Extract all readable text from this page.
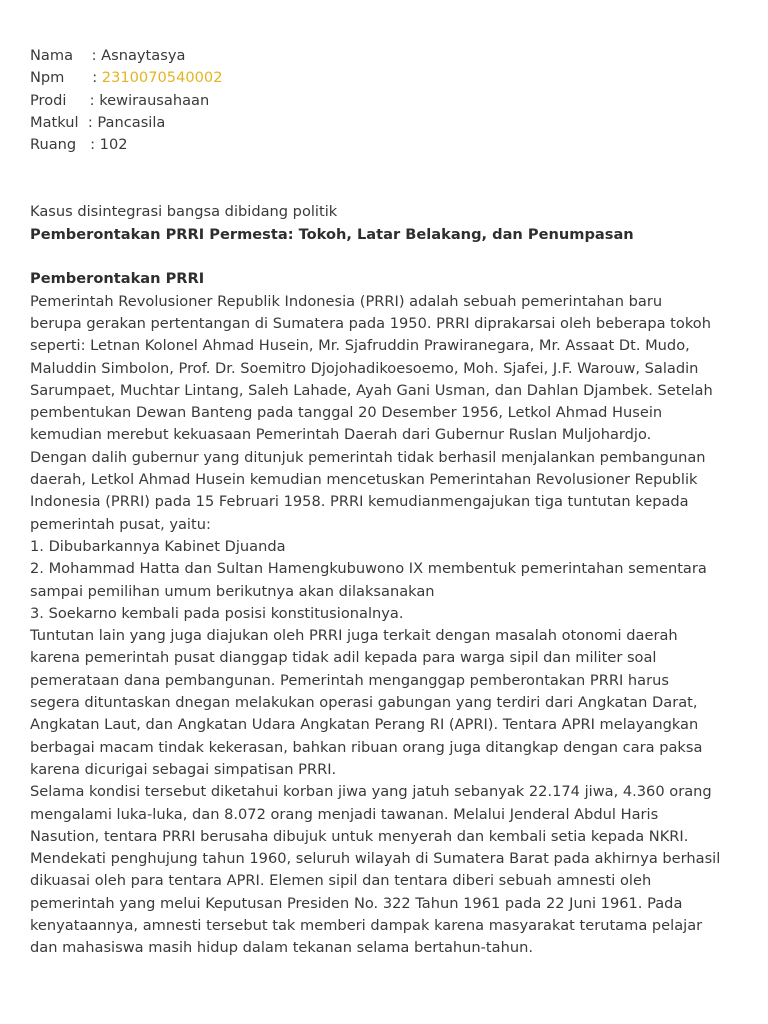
Nama    : Asnaytasya

Npm      : 2310070540002

Prodi     : kewirausahaan

Matkul  : Pancasila

Ruang   : 102

Kasus disintegrasi bangsa dibidang politik

Pemberontakan PRRI Permesta: Tokoh, Latar Belakang, dan Penumpasan

Pemberontakan PRRI

Pemerintah Revolusioner Republik Indonesia (PRRI) adalah sebuah pemerintahan baru

berupa gerakan pertentangan di Sumatera pada 1950. PRRI diprakarsai oleh beberapa tokoh

seperti: Letnan Kolonel Ahmad Husein, Mr. Sjafruddin Prawiranegara, Mr. Assaat Dt. Mudo,

Maluddin Simbolon, Prof. Dr. Soemitro Djojohadikoesoemo, Moh. Sjafei, J.F. Warouw, Saladin

Sarumpaet, Muchtar Lintang, Saleh Lahade, Ayah Gani Usman, dan Dahlan Djambek. Setelah

pembentukan Dewan Banteng pada tanggal 20 Desember 1956, Letkol Ahmad Husein

kemudian merebut kekuasaan Pemerintah Daerah dari Gubernur Ruslan Muljohardjo.

Dengan dalih gubernur yang ditunjuk pemerintah tidak berhasil menjalankan pembangunan

daerah, Letkol Ahmad Husein kemudian mencetuskan Pemerintahan Revolusioner Republik

Indonesia (PRRI) pada 15 Februari 1958. PRRI kemudianmengajukan tiga tuntutan kepada

pemerintah pusat, yaitu:

1. Dibubarkannya Kabinet Djuanda

2. Mohammad Hatta dan Sultan Hamengkubuwono IX membentuk pemerintahan sementara

sampai pemilihan umum berikutnya akan dilaksanakan

3. Soekarno kembali pada posisi konstitusionalnya.

Tuntutan lain yang juga diajukan oleh PRRI juga terkait dengan masalah otonomi daerah

karena pemerintah pusat dianggap tidak adil kepada para warga sipil dan militer soal

pemerataan dana pembangunan. Pemerintah menganggap pemberontakan PRRI harus

segera dituntaskan dnegan melakukan operasi gabungan yang terdiri dari Angkatan Darat,

Angkatan Laut, dan Angkatan Udara Angkatan Perang RI (APRI). Tentara APRI melayangkan

berbagai macam tindak kekerasan, bahkan ribuan orang juga ditangkap dengan cara paksa

karena dicurigai sebagai simpatisan PRRI.

Selama kondisi tersebut diketahui korban jiwa yang jatuh sebanyak 22.174 jiwa, 4.360 orang

mengalami luka-luka, dan 8.072 orang menjadi tawanan. Melalui Jenderal Abdul Haris

Nasution, tentara PRRI berusaha dibujuk untuk menyerah dan kembali setia kepada NKRI.

Mendekati penghujung tahun 1960, seluruh wilayah di Sumatera Barat pada akhirnya berhasil

dikuasai oleh para tentara APRI. Elemen sipil dan tentara diberi sebuah amnesti oleh

pemerintah yang melui Keputusan Presiden No. 322 Tahun 1961 pada 22 Juni 1961. Pada

kenyataannya, amnesti tersebut tak memberi dampak karena masyarakat terutama pelajar

dan mahasiswa masih hidup dalam tekanan selama bertahun-tahun.
